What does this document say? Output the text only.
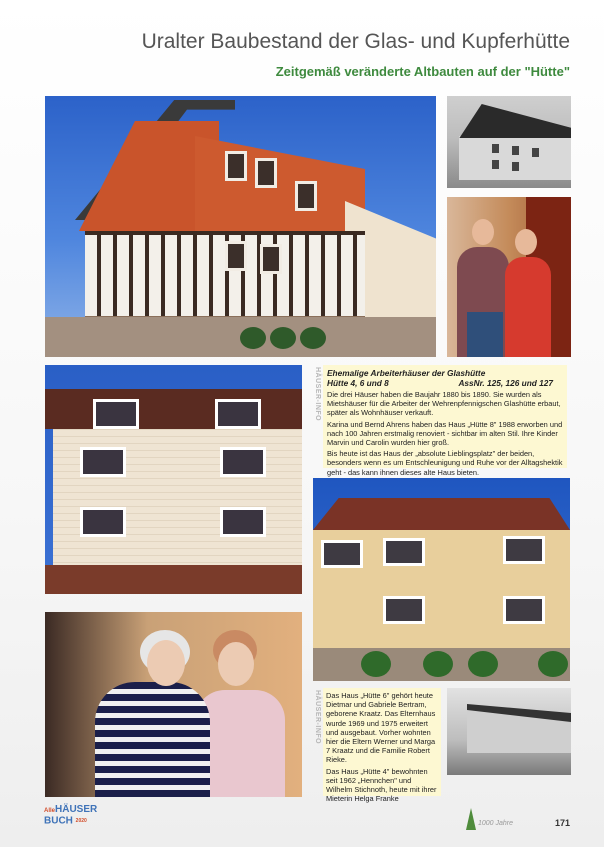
Uralter Baubestand der Glas- und Kupferhütte
Zeitgemäß veränderte Altbauten auf der "Hütte"
HÄUSER-INFO
HÄUSER-INFO

Ehemalige Arbeiterhäuser der Glashütte

Hütte 4, 6 und 8	AssNr. 125, 126 und 127

Die drei Häuser haben die Baujahr 1880 bis 1890. Sie wurden als Mietshäuser für die Arbeiter der Wehrenpfennigschen Glashütte erbaut, später als Wohnhäuser verkauft.

Karina und Bernd Ahrens haben das Haus „Hütte 8" 1988 erworben und nach 100 Jahren erstmalig renoviert - sichtbar im alten Stil. Ihre Kinder Marvin und Carolin wurden hier groß.

Bis heute ist das Haus der „absolute Lieblingsplatz" der beiden, besonders wenn es um Entschleunigung und Ruhe vor der Alltagshektik geht - das kann ihnen dieses alte Haus bieten.

Das Haus „Hütte 6" gehört heute Dietmar und Gabriele Bertram, geborene Kraatz. Das Elternhaus wurde 1969 und 1975 erweitert und ausgebaut. Vorher wohnten hier die Eltern Werner und Marga 7 Kraatz und die Familie Robert Rieke.

Das Haus „Hütte 4" bewohnten seit 1962 „Hennchen" und Wilhelm Stichnoth, heute mit ihrer Mieterin Helga Franke

AlleHÄUSER
BUCH 2020	1000 Jahre	171
